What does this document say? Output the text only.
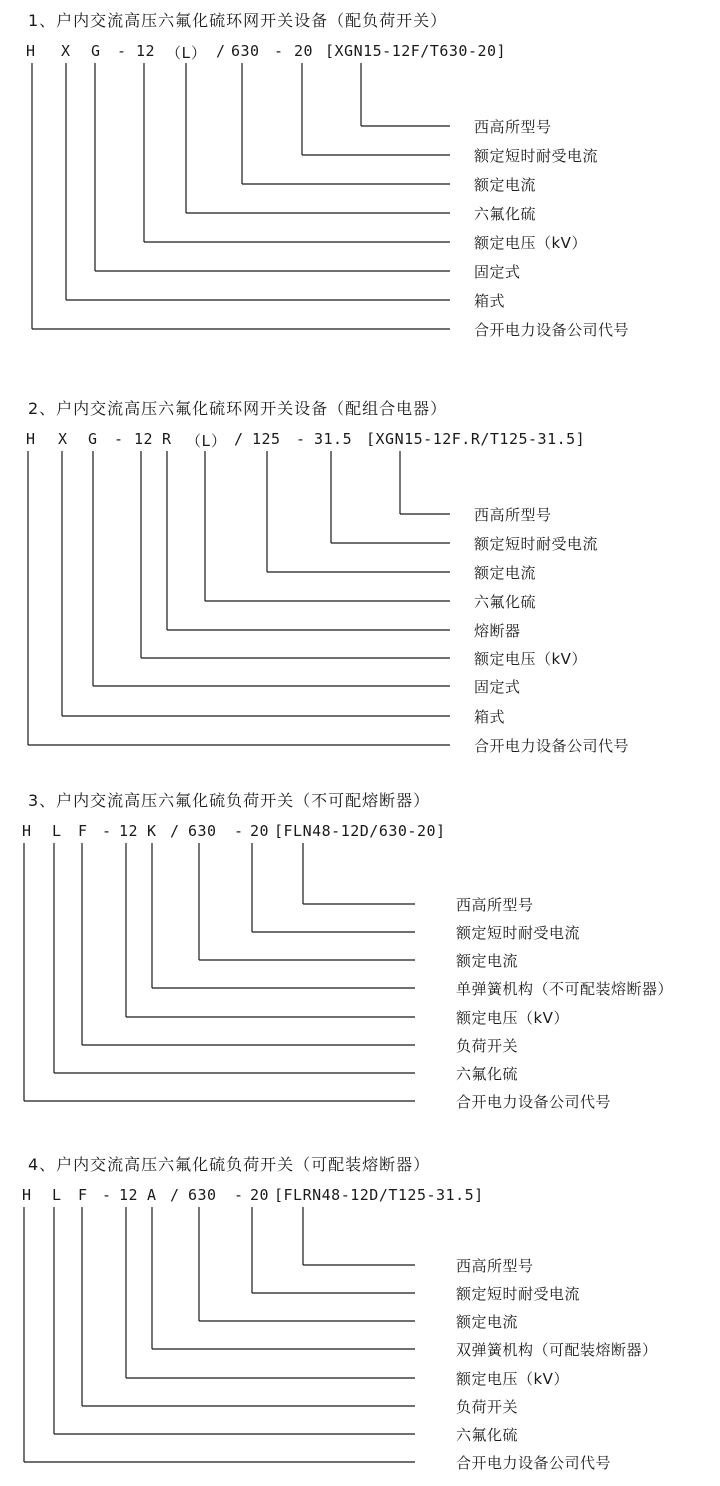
1、户内交流高压六氟化硫环网开关设备（配负荷开关）
H X G - 12 （L） / 630 - 20 [XGN15-12F/T630-20]
西高所型号
额定短时耐受电流
额定电流
六氟化硫
额定电压（kV）
固定式
箱式
合开电力设备公司代号
2、户内交流高压六氟化硫环网开关设备（配组合电器）
H X G - 12 R （L） / 125 - 31.5 [XGN15-12F.R/T125-31.5]
西高所型号
额定短时耐受电流
额定电流
六氟化硫
熔断器
额定电压（kV）
固定式
箱式
合开电力设备公司代号
3、户内交流高压六氟化硫负荷开关（不可配熔断器）
H L F - 12 K / 630 - 20 [FLN48-12D/630-20]
西高所型号
额定短时耐受电流
额定电流
单弹簧机构（不可配装熔断器）
额定电压（kV）
负荷开关
六氟化硫
合开电力设备公司代号
4、户内交流高压六氟化硫负荷开关（可配装熔断器）
H L F - 12 A / 630 - 20 [FLRN48-12D/T125-31.5]
西高所型号
额定短时耐受电流
额定电流
双弹簧机构（可配装熔断器）
额定电压（kV）
负荷开关
六氟化硫
合开电力设备公司代号
